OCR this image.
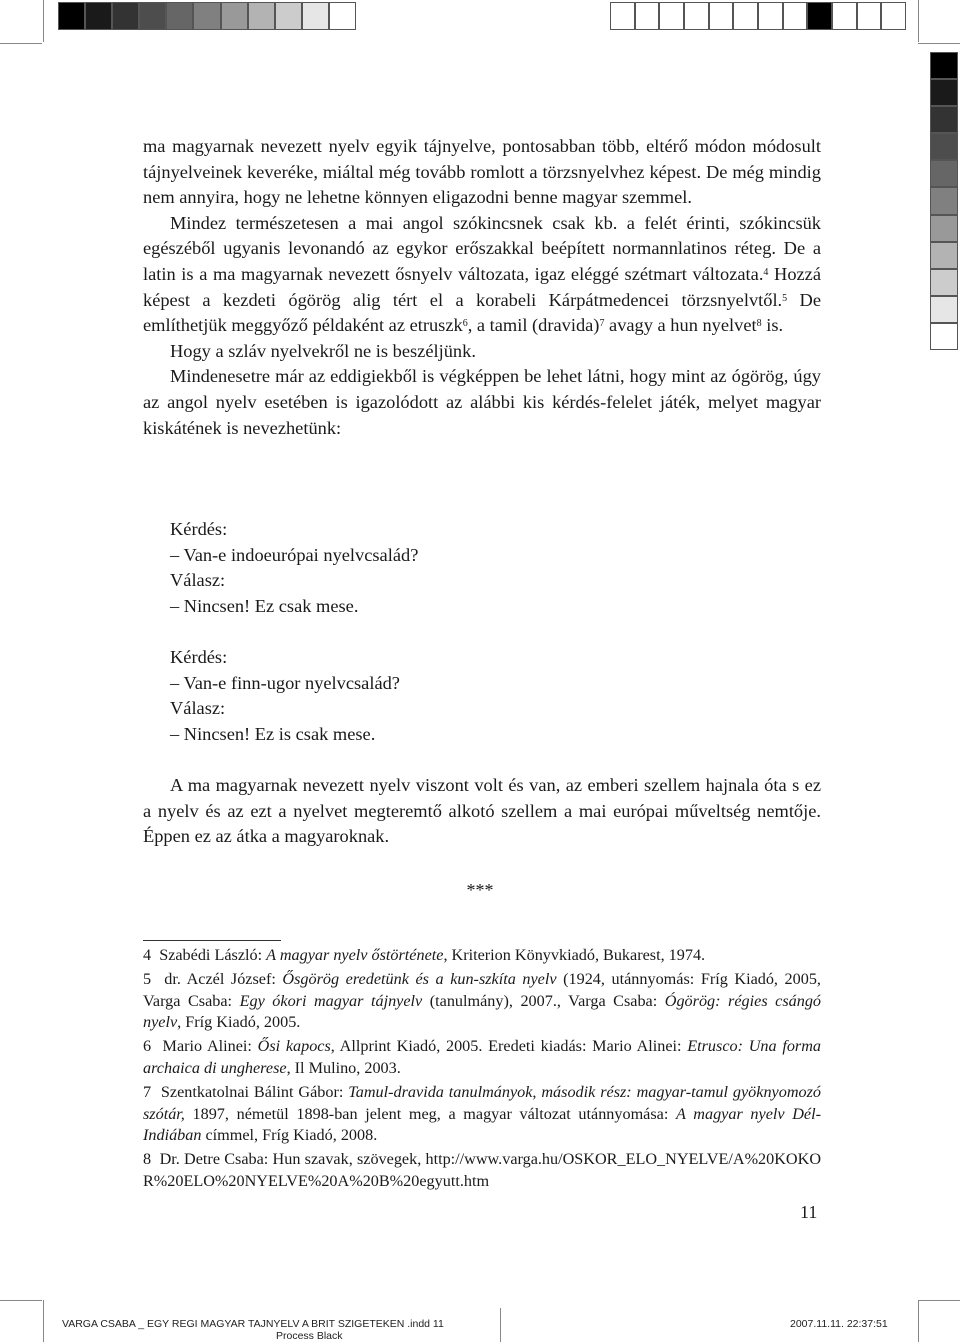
ma magyarnak nevezett nyelv egyik tájnyelve, pontosabban több, eltérő módon módosult tájnyelveinek keveréke, miáltal még tovább romlott a törzsnyelvhez képest. De még mindig nem annyira, hogy ne lehetne könnyen eligazodni benne magyar szemmel.

Mindez természetesen a mai angol szókincsnek csak kb. a felét érinti, szókincsük egészéből ugyanis levonandó az egykor erőszakkal beépített normannlatinos réteg. De a latin is a ma magyarnak nevezett ősnyelv változata, igaz eléggé szétmart változata.$^4$ Hozzá képest a kezdeti ógörög alig tért el a korabeli Kárpátmedencei törzsnyelvtől.$^5$ De említhetjük meggyőző példaként az etruszk$^6$, a tamil (dravida)$^7$ avagy a hun nyelvet$^8$ is.

Hogy a szláv nyelvekről ne is beszéljünk.

Mindenesetre már az eddigiekből is végképpen be lehet látni, hogy mint az ógörög, úgy az angol nyelv esetében is igazolódott az alábbi kis kérdés-felelet játék, melyet magyar kiskátének is nevezhetünk:

Kérdés:
– Van-e indoeurópai nyelvcsalád?
Válasz:
– Nincsen! Ez csak mese.
Kérdés:
– Van-e finn-ugor nyelvcsalád?
Válasz:
– Nincsen! Ez is csak mese.

A ma magyarnak nevezett nyelv viszont volt és van, az emberi szellem hajnala óta s ez a nyelv és az ezt a nyelvet megteremtő alkotó szellem a mai európai műveltség nemtője. Éppen ez az átka a magyaroknak.

***

4 Szabédi László: A magyar nyelv őstörténete, Kriterion Könyvkiadó, Bukarest, 1974.

5 dr. Aczél József: Ősgörög eredetünk és a kun-szkíta nyelv (1924, utánnyomás: Fríg Kiadó, 2005, Varga Csaba: Egy ókori magyar tájnyelv (tanulmány), 2007., Varga Csaba: Ógörög: régies csángó nyelv, Fríg Kiadó, 2005.

6 Mario Alinei: Ősi kapocs, Allprint Kiadó, 2005. Eredeti kiadás: Mario Alinei: Etrusco: Una forma archaica di ungherese, Il Mulino, 2003.

7 Szentkatolnai Bálint Gábor: Tamul-dravida tanulmányok, második rész: magyar-tamul gyöknyomozó szótár, 1897, németül 1898-ban jelent meg, a magyar változat utánnyomása: A magyar nyelv Dél-Indiában címmel, Fríg Kiadó, 2008.

8 Dr. Detre Csaba: Hun szavak, szövegek, http://www.varga.hu/OSKOR_ELO_NYELVE/A%20KOKOR%20ELO%20NYELVE%20A%20B%20egyutt.htm

11
VARGA CSABA _ EGY REGI MAGYAR TAJNYELV A BRIT SZIGETEKEN .indd 11
Process Black
2007.11.11. 22:37:51
